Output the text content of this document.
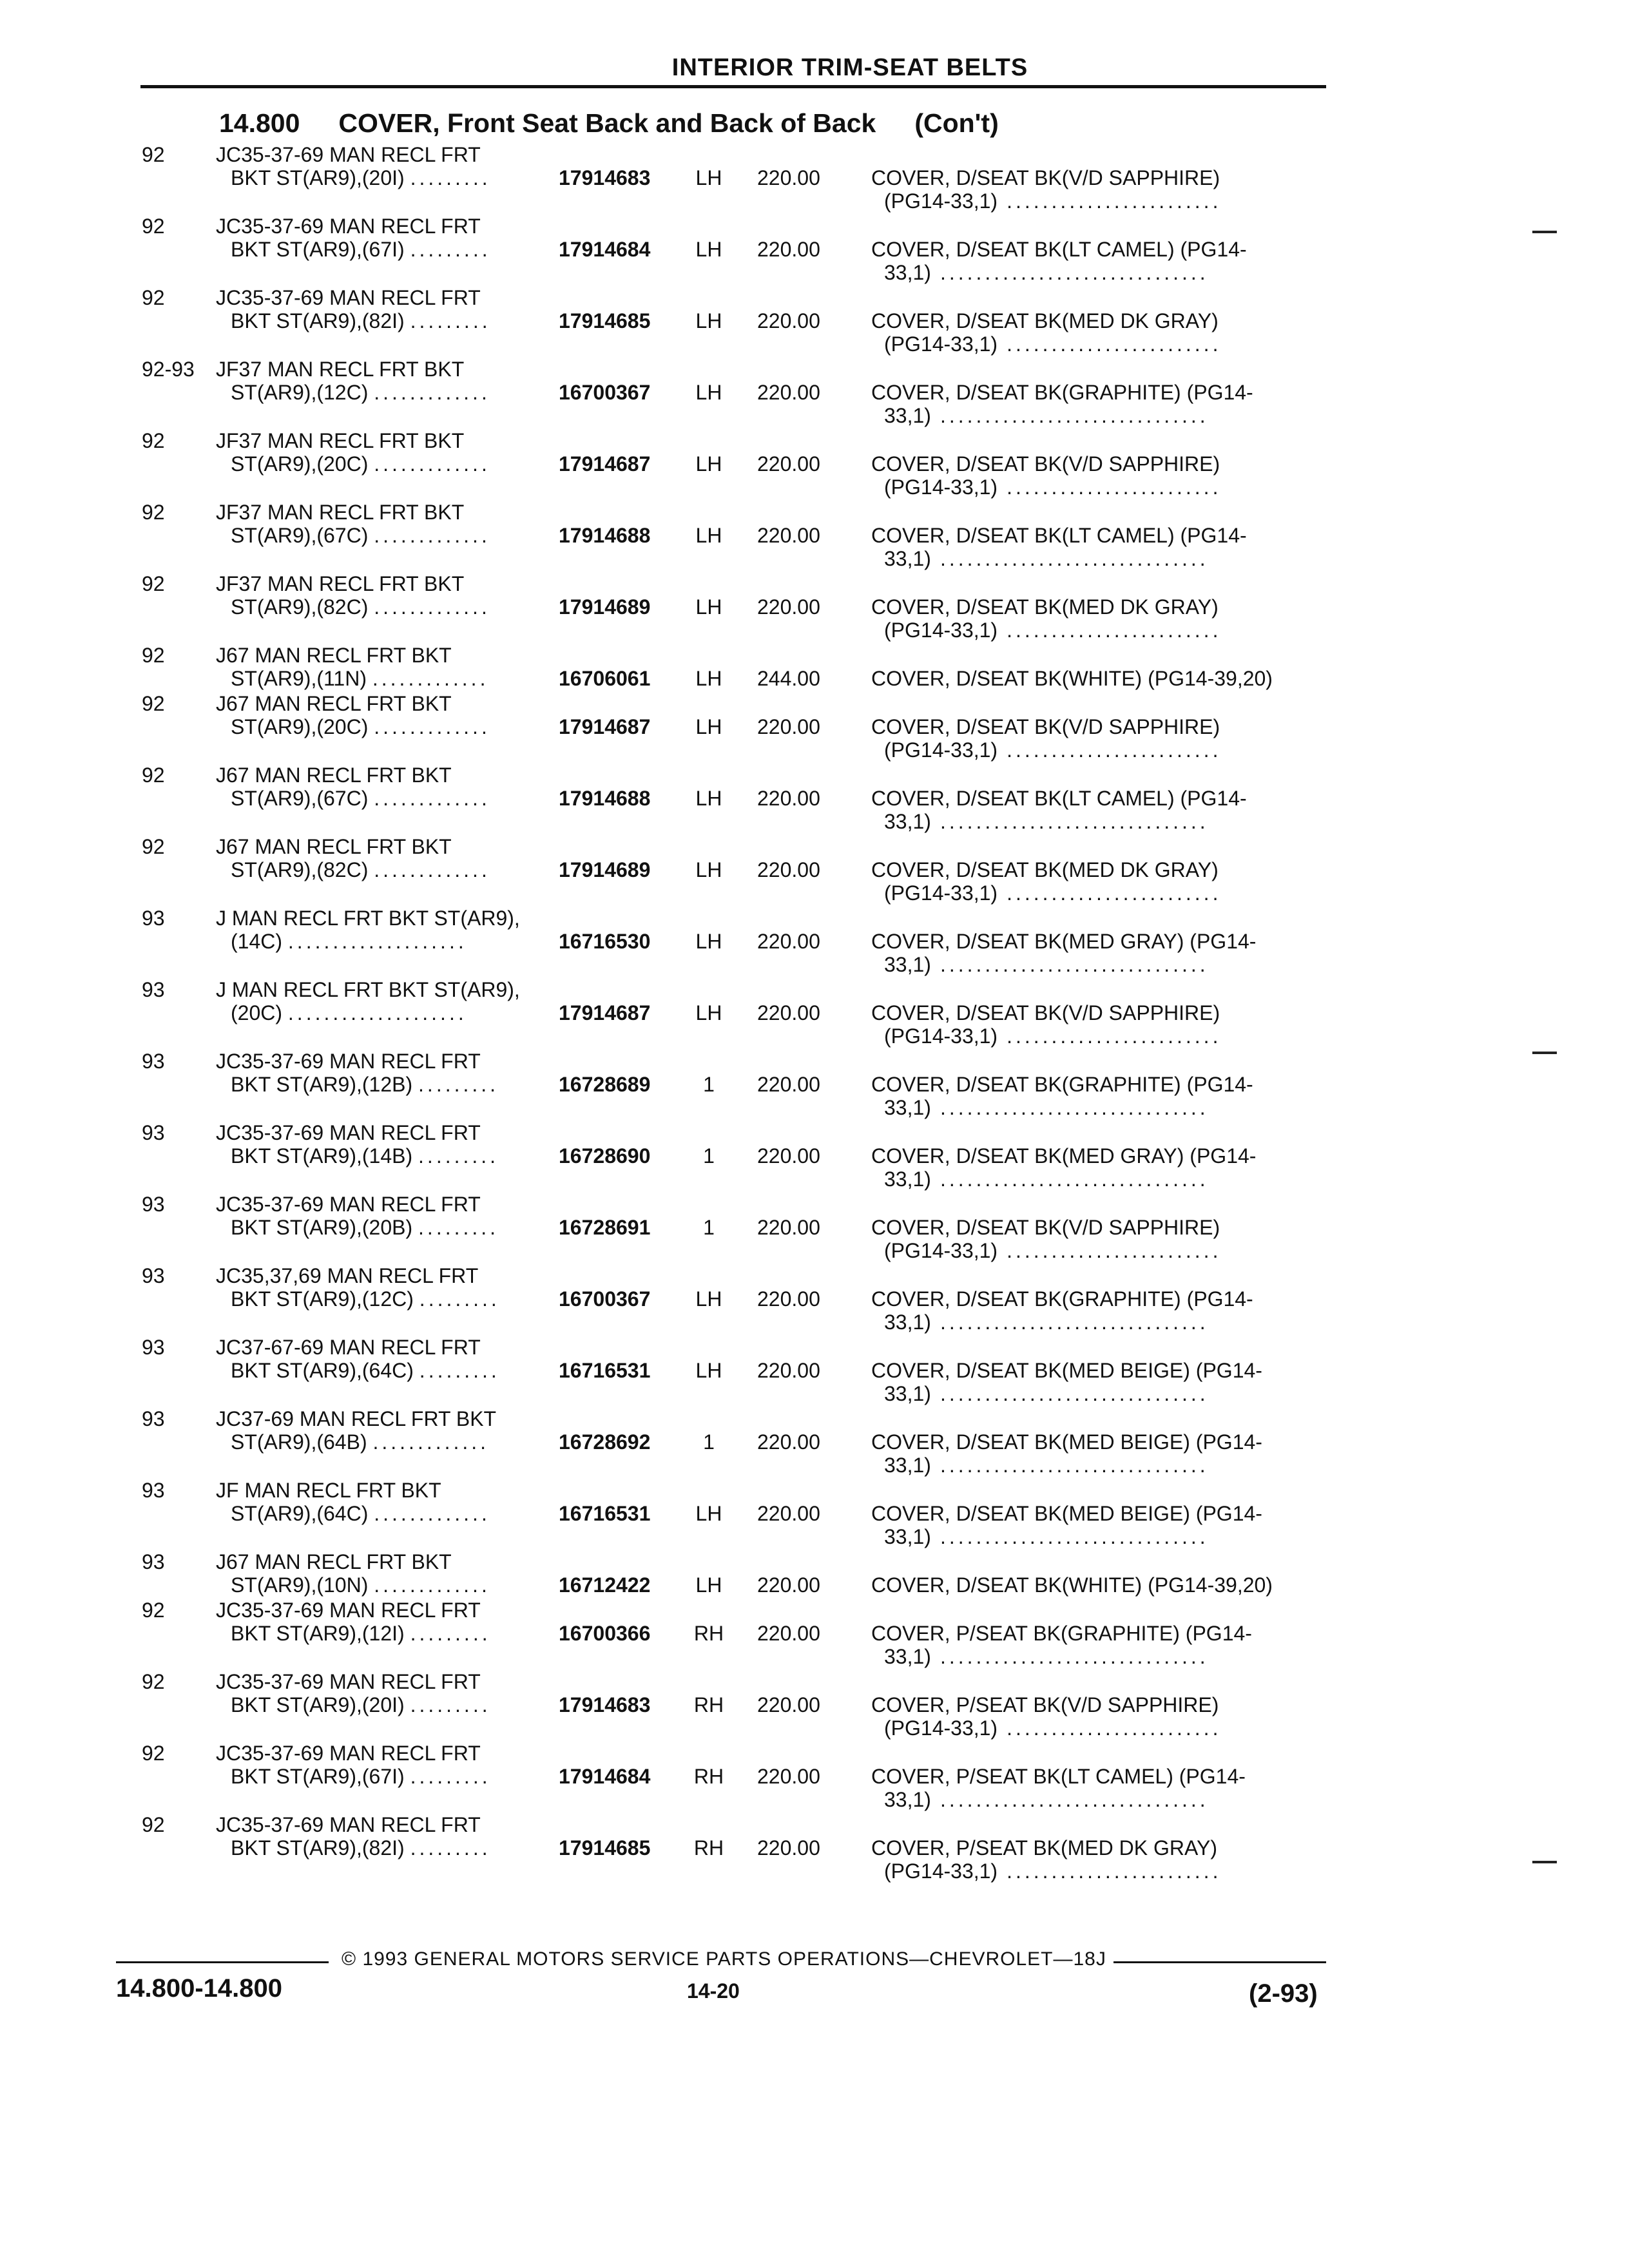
INTERIOR TRIM-SEAT BELTS
14.800 COVER, Front Seat Back and Back of Back (Con't)
92 JC35-37-69 MAN RECL FRT
BKT ST(AR9),(20I) .........	17914683 LH 220.00 COVER, D/SEAT BK(V/D SAPPHIRE)
(PG14-33,1) ........................
92 JC35-37-69 MAN RECL FRT
BKT ST(AR9),(67I) .........	17914684 LH 220.00 COVER, D/SEAT BK(LT CAMEL) (PG14-
33,1) ..............................
92 JC35-37-69 MAN RECL FRT
BKT ST(AR9),(82I) .........	17914685 LH 220.00 COVER, D/SEAT BK(MED DK GRAY)
(PG14-33,1) ........................
92-93 JF37 MAN RECL FRT BKT
ST(AR9),(12C) .............	16700367 LH 220.00 COVER, D/SEAT BK(GRAPHITE) (PG14-
33,1) ..............................
92 JF37 MAN RECL FRT BKT
ST(AR9),(20C) .............	17914687 LH 220.00 COVER, D/SEAT BK(V/D SAPPHIRE)
(PG14-33,1) ........................
92 JF37 MAN RECL FRT BKT
ST(AR9),(67C) .............	17914688 LH 220.00 COVER, D/SEAT BK(LT CAMEL) (PG14-
33,1) ..............................
92 JF37 MAN RECL FRT BKT
ST(AR9),(82C) .............	17914689 LH 220.00 COVER, D/SEAT BK(MED DK GRAY)
(PG14-33,1) ........................
92 J67 MAN RECL FRT BKT
ST(AR9),(11N) .............	16706061 LH 244.00 COVER, D/SEAT BK(WHITE) (PG14-39,20)
92 J67 MAN RECL FRT BKT
ST(AR9),(20C) .............	17914687 LH 220.00 COVER, D/SEAT BK(V/D SAPPHIRE)
(PG14-33,1) ........................
92 J67 MAN RECL FRT BKT
ST(AR9),(67C) .............	17914688 LH 220.00 COVER, D/SEAT BK(LT CAMEL) (PG14-
33,1) ..............................
92 J67 MAN RECL FRT BKT
ST(AR9),(82C) .............	17914689 LH 220.00 COVER, D/SEAT BK(MED DK GRAY)
(PG14-33,1) ........................
93 J MAN RECL FRT BKT ST(AR9),
(14C) ....................	16716530 LH 220.00 COVER, D/SEAT BK(MED GRAY) (PG14-
33,1) ..............................
93 J MAN RECL FRT BKT ST(AR9),
(20C) ....................	17914687 LH 220.00 COVER, D/SEAT BK(V/D SAPPHIRE)
(PG14-33,1) ........................
93 JC35-37-69 MAN RECL FRT
BKT ST(AR9),(12B) .........	16728689	1	220.00 COVER, D/SEAT BK(GRAPHITE) (PG14-
33,1) ..............................
93 JC35-37-69 MAN RECL FRT
BKT ST(AR9),(14B) .........	16728690	1	220.00 COVER, D/SEAT BK(MED GRAY) (PG14-
33,1) ..............................
93 JC35-37-69 MAN RECL FRT
BKT ST(AR9),(20B) .........	16728691	1	220.00 COVER, D/SEAT BK(V/D SAPPHIRE)
(PG14-33,1) ........................
93 JC35,37,69 MAN RECL FRT
BKT ST(AR9),(12C) .........	16700367 LH 220.00 COVER, D/SEAT BK(GRAPHITE) (PG14-
33,1) ..............................
93 JC37-67-69 MAN RECL FRT
BKT ST(AR9),(64C) .........	16716531 LH 220.00 COVER, D/SEAT BK(MED BEIGE) (PG14-
33,1) ..............................
93 JC37-69 MAN RECL FRT BKT
ST(AR9),(64B) .............	16728692	1	220.00 COVER, D/SEAT BK(MED BEIGE) (PG14-
33,1) ..............................
93 JF MAN RECL FRT BKT
ST(AR9),(64C) .............	16716531 LH 220.00 COVER, D/SEAT BK(MED BEIGE) (PG14-
33,1) ..............................
93 J67 MAN RECL FRT BKT
ST(AR9),(10N) .............	16712422 LH 220.00 COVER, D/SEAT BK(WHITE) (PG14-39,20)
92 JC35-37-69 MAN RECL FRT
BKT ST(AR9),(12I) .........	16700366 RH 220.00 COVER, P/SEAT BK(GRAPHITE) (PG14-
33,1) ..............................
92 JC35-37-69 MAN RECL FRT
BKT ST(AR9),(20I) .........	17914683 RH 220.00 COVER, P/SEAT BK(V/D SAPPHIRE)
(PG14-33,1) ........................
92 JC35-37-69 MAN RECL FRT
BKT ST(AR9),(67I) .........	17914684 RH 220.00 COVER, P/SEAT BK(LT CAMEL) (PG14-
33,1) ..............................
92 JC35-37-69 MAN RECL FRT
BKT ST(AR9),(82I) .........	17914685 RH 220.00 COVER, P/SEAT BK(MED DK GRAY)
(PG14-33,1) ........................
© 1993 GENERAL MOTORS SERVICE PARTS OPERATIONS—CHEVROLET—18J
14.800-14.800	14-20	(2-93)
